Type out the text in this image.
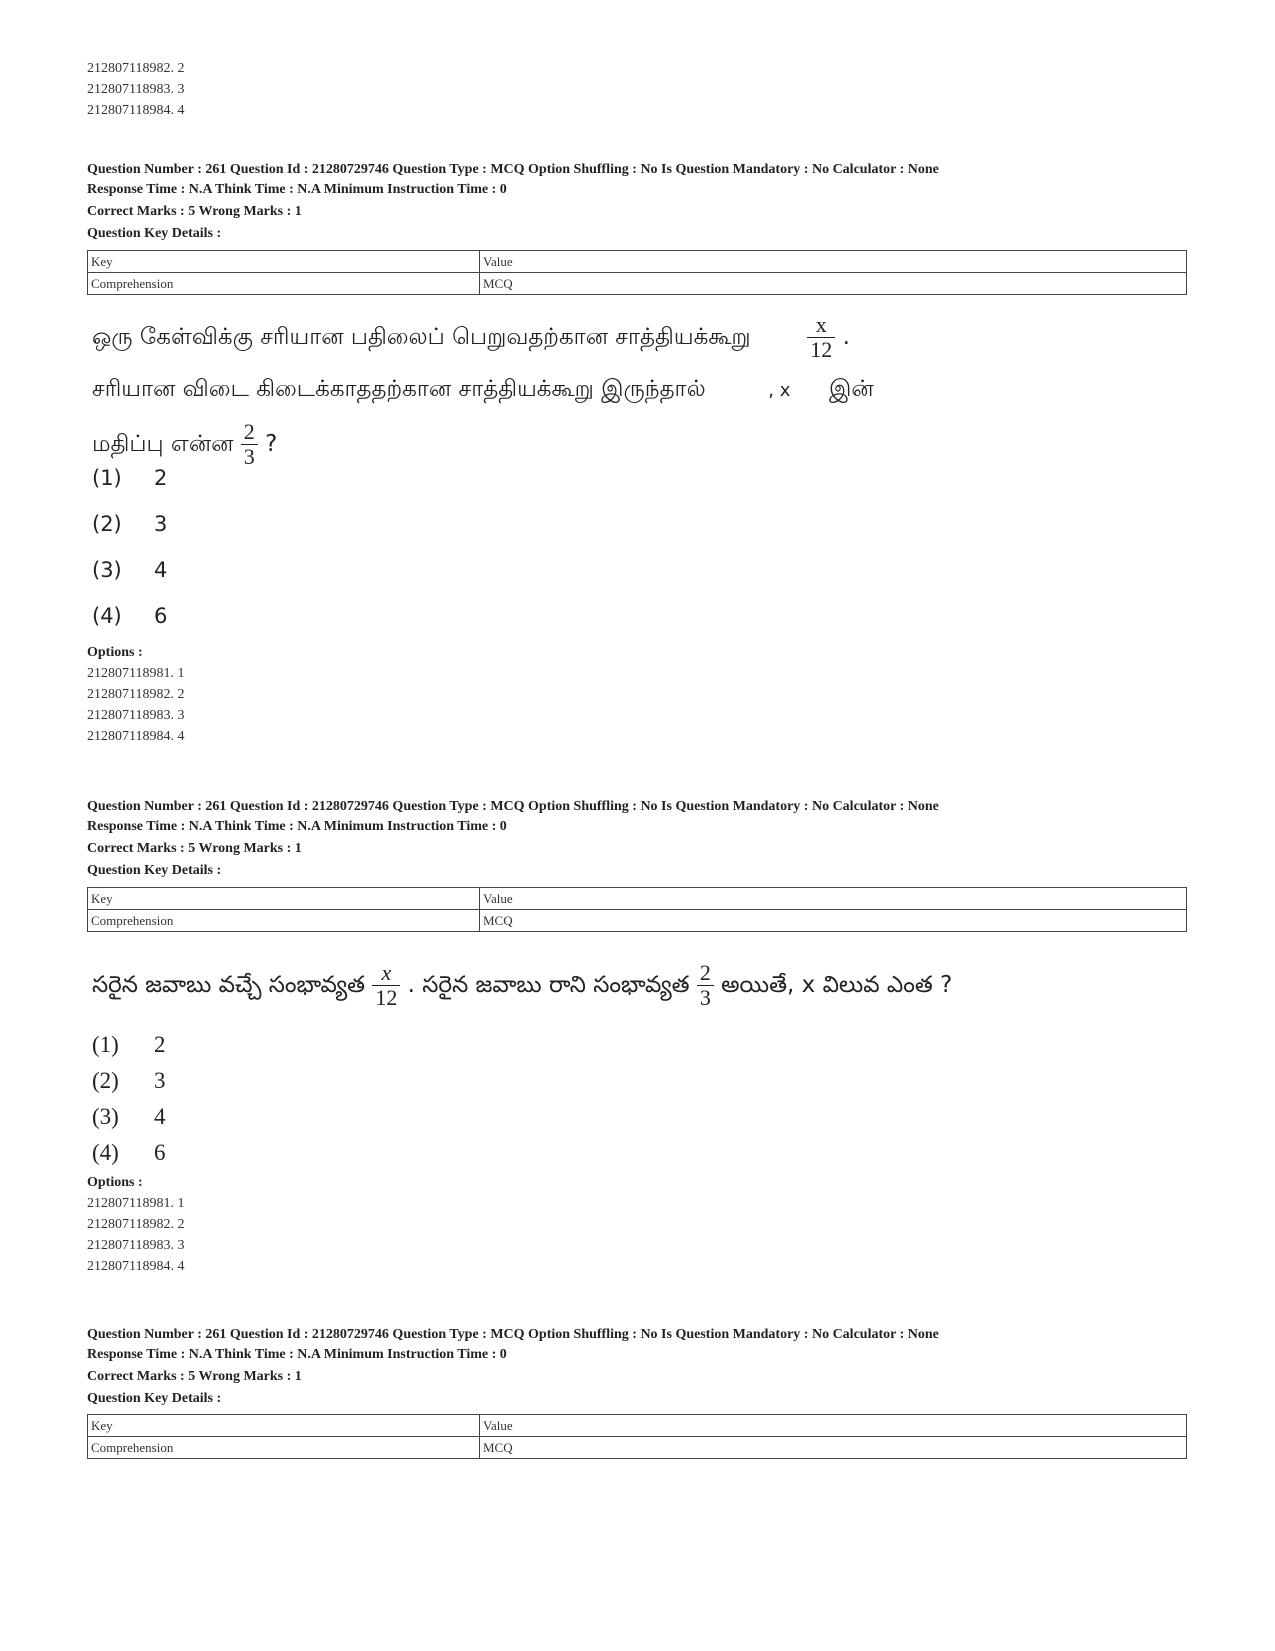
212807118982. 2
212807118983. 3
212807118984. 4
Question Number : 261 Question Id : 21280729746 Question Type : MCQ Option Shuffling : No Is Question Mandatory : No Calculator : None
Response Time : N.A Think Time : N.A Minimum Instruction Time : 0
Correct Marks : 5 Wrong Marks : 1
Question Key Details :
Key	Value
Comprehension	MCQ
ஒரு கேள்விக்கு சரியான பதிலைப் பெறுவதற்கான சாத்தியக்கூறு	$\frac{x}{12}$ .
சரியான விடை கிடைக்காததற்கான சாத்தியக்கூறு இருந்தால்	, x இன்
மதிப்பு என்ன $\frac{2}{3}$ ?
(1) 2
(2) 3
(3) 4
(4) 6
Options :
212807118981. 1
212807118982. 2
212807118983. 3
212807118984. 4
Question Number : 261 Question Id : 21280729746 Question Type : MCQ Option Shuffling : No Is Question Mandatory : No Calculator : None
Response Time : N.A Think Time : N.A Minimum Instruction Time : 0
Correct Marks : 5 Wrong Marks : 1
Question Key Details :
Key	Value
Comprehension	MCQ
సరైన జవాబు వచ్చే సంభావ్యత $\frac{x}{12}$ . సరైన జవాబు రాని సంభావ్యత $\frac{2}{3}$ అయితే, x విలువ ఎంత ?
(1) 2
(2) 3
(3) 4
(4) 6
Options :
212807118981. 1
212807118982. 2
212807118983. 3
212807118984. 4
Question Number : 261 Question Id : 21280729746 Question Type : MCQ Option Shuffling : No Is Question Mandatory : No Calculator : None
Response Time : N.A Think Time : N.A Minimum Instruction Time : 0
Correct Marks : 5 Wrong Marks : 1
Question Key Details :
Key	Value
Comprehension	MCQ
